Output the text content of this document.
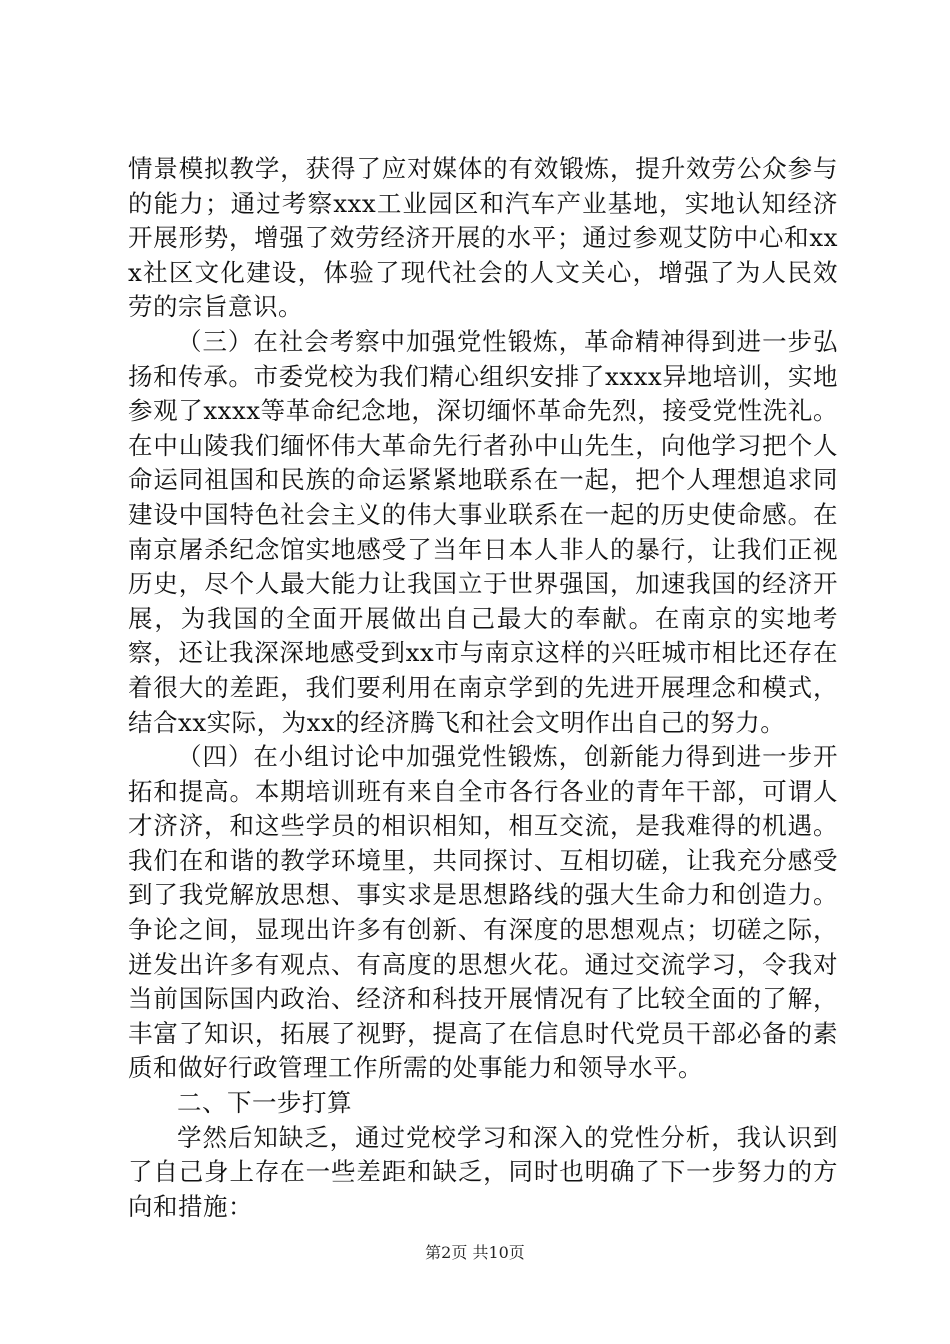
情景模拟教学，获得了应对媒体的有效锻炼，提升效劳公众参与的能力；通过考察xxx工业园区和汽车产业基地，实地认知经济开展形势，增强了效劳经济开展的水平；通过参观艾防中心和xxx社区文化建设，体验了现代社会的人文关心，增强了为人民效劳的宗旨意识。

（三）在社会考察中加强党性锻炼，革命精神得到进一步弘扬和传承。市委党校为我们精心组织安排了xxxx异地培训，实地参观了xxxx等革命纪念地，深切缅怀革命先烈，接受党性洗礼。在中山陵我们缅怀伟大革命先行者孙中山先生，向他学习把个人命运同祖国和民族的命运紧紧地联系在一起，把个人理想追求同建设中国特色社会主义的伟大事业联系在一起的历史使命感。在南京屠杀纪念馆实地感受了当年日本人非人的暴行，让我们正视历史，尽个人最大能力让我国立于世界强国，加速我国的经济开展，为我国的全面开展做出自己最大的奉献。在南京的实地考察，还让我深深地感受到xx市与南京这样的兴旺城市相比还存在着很大的差距，我们要利用在南京学到的先进开展理念和模式，结合xx实际，为xx的经济腾飞和社会文明作出自己的努力。

（四）在小组讨论中加强党性锻炼，创新能力得到进一步开拓和提高。本期培训班有来自全市各行各业的青年干部，可谓人才济济，和这些学员的相识相知，相互交流，是我难得的机遇。我们在和谐的教学环境里，共同探讨、互相切磋，让我充分感受到了我党解放思想、事实求是思想路线的强大生命力和创造力。争论之间，显现出许多有创新、有深度的思想观点；切磋之际，迸发出许多有观点、有高度的思想火花。通过交流学习，令我对当前国际国内政治、经济和科技开展情况有了比较全面的了解，丰富了知识，拓展了视野，提高了在信息时代党员干部必备的素质和做好行政管理工作所需的处事能力和领导水平。

二、下一步打算

学然后知缺乏，通过党校学习和深入的党性分析，我认识到了自己身上存在一些差距和缺乏，同时也明确了下一步努力的方向和措施：

第2页 共10页
